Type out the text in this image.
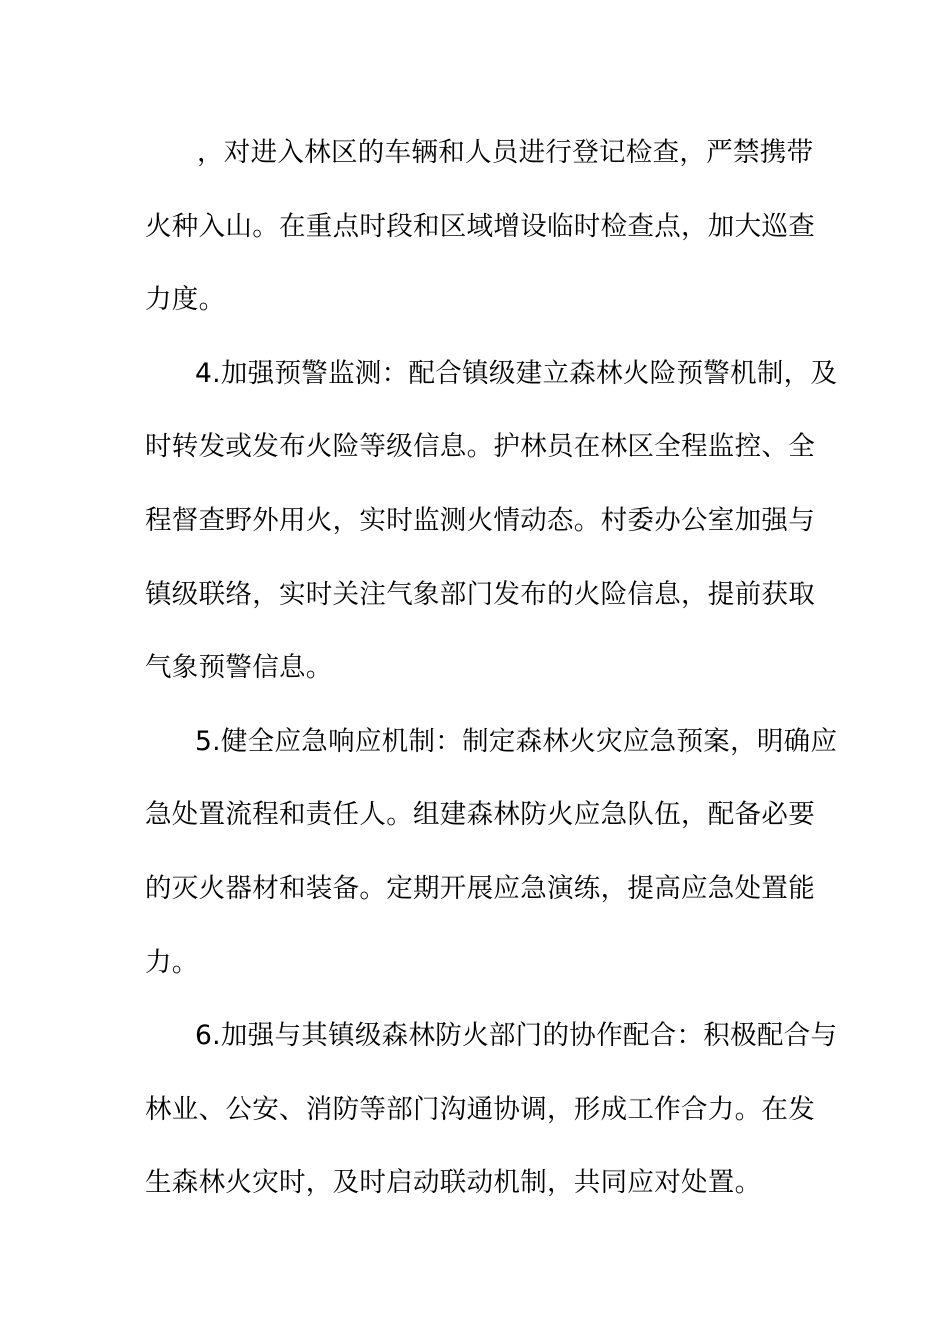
，对进入林区的车辆和人员进行登记检查，严禁携带
火种入山。在重点时段和区域增设临时检查点，加大巡查
力度。
4.加强预警监测：配合镇级建立森林火险预警机制，及
时转发或发布火险等级信息。护林员在林区全程监控、全
程督查野外用火，实时监测火情动态。村委办公室加强与
镇级联络，实时关注气象部门发布的火险信息，提前获取
气象预警信息。
5.健全应急响应机制：制定森林火灾应急预案，明确应
急处置流程和责任人。组建森林防火应急队伍，配备必要
的灭火器材和装备。定期开展应急演练，提高应急处置能
力。
6.加强与其镇级森林防火部门的协作配合：积极配合与
林业、公安、消防等部门沟通协调，形成工作合力。在发
生森林火灾时，及时启动联动机制，共同应对处置。
